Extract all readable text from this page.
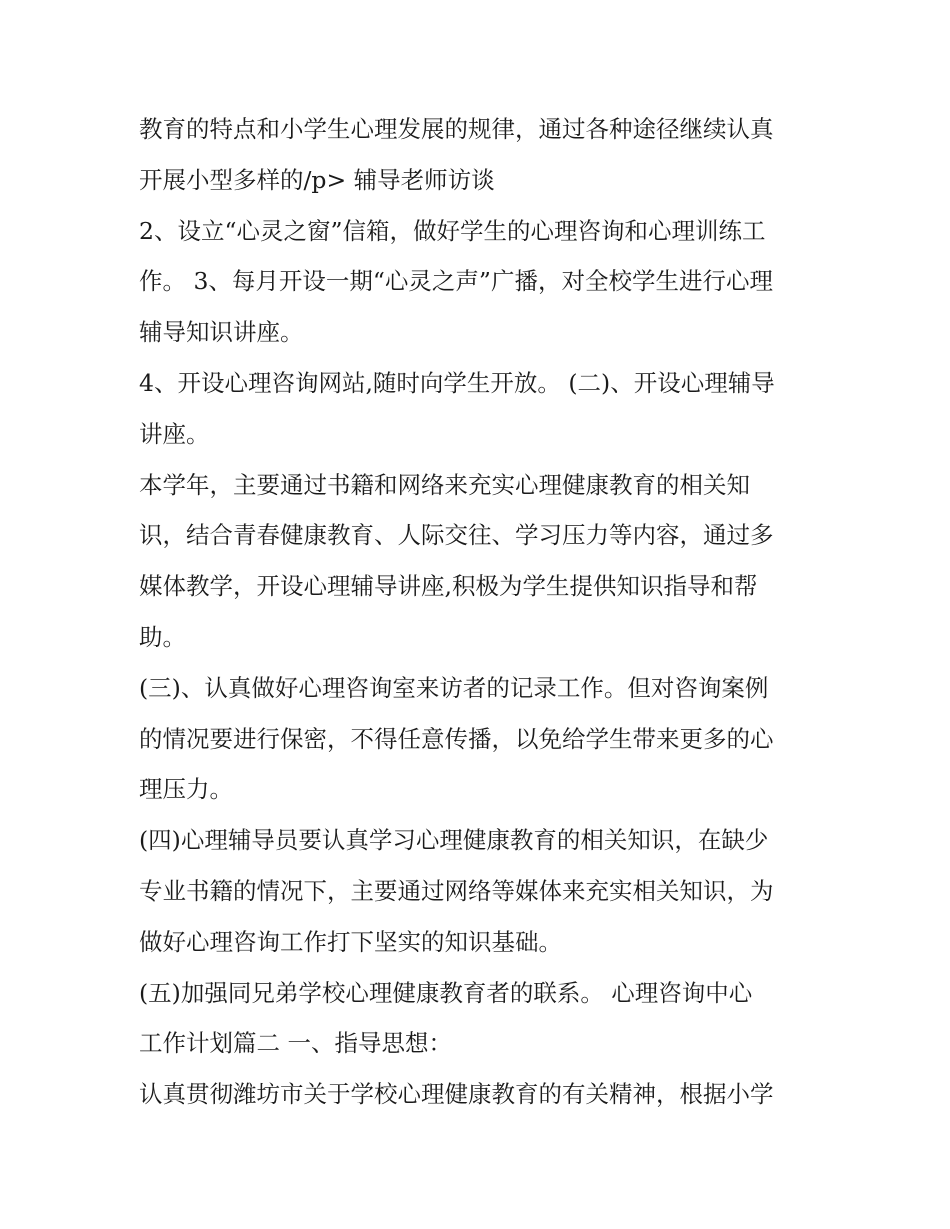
教育的特点和小学生心理发展的规律，通过各种途径继续认真
开展小型多样的/p> 辅导老师访谈
2、设立“心灵之窗”信箱，做好学生的心理咨询和心理训练工
作。 3、每月开设一期“心灵之声”广播，对全校学生进行心理
辅导知识讲座。
4、开设心理咨询网站,随时向学生开放。 (二)、开设心理辅导
讲座。
本学年，主要通过书籍和网络来充实心理健康教育的相关知
识，结合青春健康教育、人际交往、学习压力等内容，通过多
媒体教学，开设心理辅导讲座,积极为学生提供知识指导和帮
助。
(三)、认真做好心理咨询室来访者的记录工作。但对咨询案例
的情况要进行保密，不得任意传播，以免给学生带来更多的心
理压力。
(四)心理辅导员要认真学习心理健康教育的相关知识，在缺少
专业书籍的情况下，主要通过网络等媒体来充实相关知识，为
做好心理咨询工作打下坚实的知识基础。
(五)加强同兄弟学校心理健康教育者的联系。 心理咨询中心
工作计划篇二 一、指导思想：
认真贯彻潍坊市关于学校心理健康教育的有关精神，根据小学
